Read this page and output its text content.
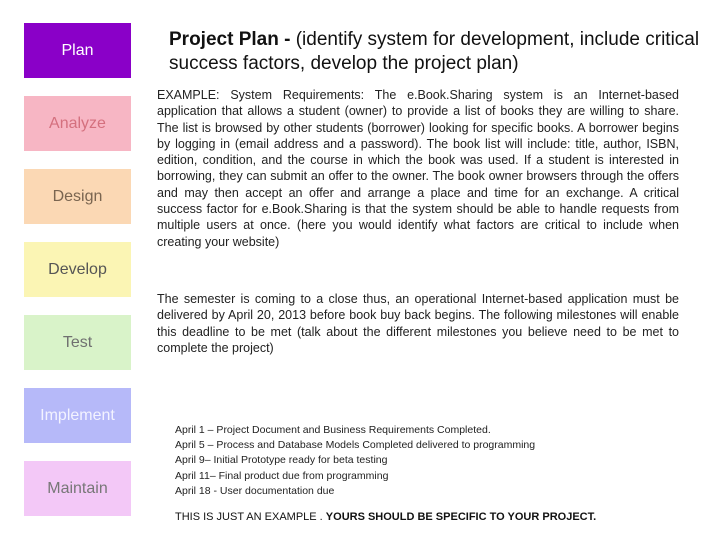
Plan
Analyze
Design
Develop
Test
Implement
Maintain
Project Plan - (identify system for development, include critical success factors, develop the project plan)
EXAMPLE: System Requirements: The e.Book.Sharing system is an Internet-based application that allows a student (owner) to provide a list of books they are willing to share. The list is browsed by other students (borrower) looking for specific books. A borrower begins by logging in (email address and a password). The book list will include: title, author, ISBN, edition, condition, and the course in which the book was used. If a student is interested in borrowing, they can submit an offer to the owner. The book owner browsers through the offers and may then accept an offer and arrange a place and time for an exchange. A critical success factor for e.Book.Sharing is that the system should be able to handle requests from multiple users at once. (here you would identify what factors are critical to include when creating your website)
The semester is coming to a close thus, an operational Internet-based application must be delivered by April 20, 2013 before book buy back begins. The following milestones will enable this deadline to be met (talk about the different milestones you believe need to be met to complete the project)
April 1 – Project Document and Business Requirements Completed.
April 5 – Process and Database Models Completed delivered to programming
April 9– Initial Prototype ready for beta testing
April 11– Final product due from programming
April 18 - User documentation due
THIS IS JUST AN EXAMPLE . YOURS SHOULD BE SPECIFIC TO YOUR PROJECT.
